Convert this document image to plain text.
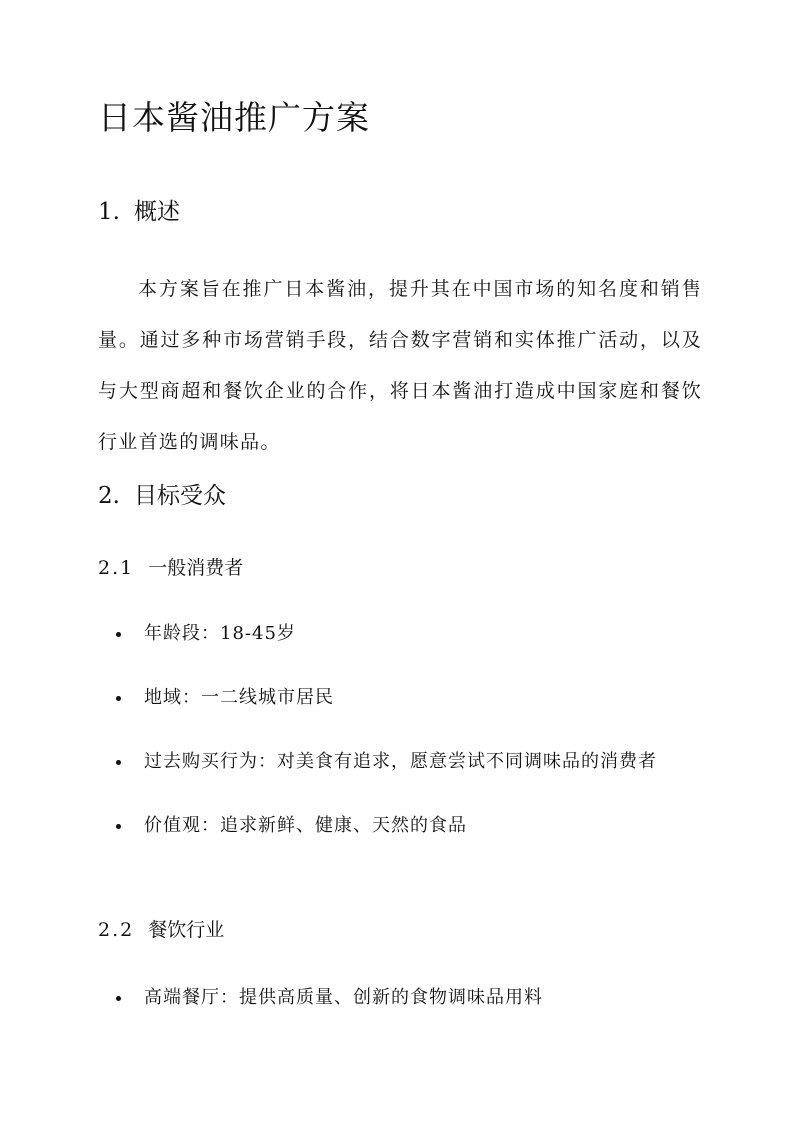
日本酱油推广方案
1. 概述

本方案旨在推广日本酱油，提升其在中国市场的知名度和销售量。通过多种市场营销手段，结合数字营销和实体推广活动，以及与大型商超和餐饮企业的合作，将日本酱油打造成中国家庭和餐饮行业首选的调味品。

2. 目标受众
2.1 一般消费者
年龄段：18-45岁
地域：一二线城市居民
过去购买行为：对美食有追求，愿意尝试不同调味品的消费者
价值观：追求新鲜、健康、天然的食品
2.2 餐饮行业
高端餐厅：提供高质量、创新的食物调味品用料
